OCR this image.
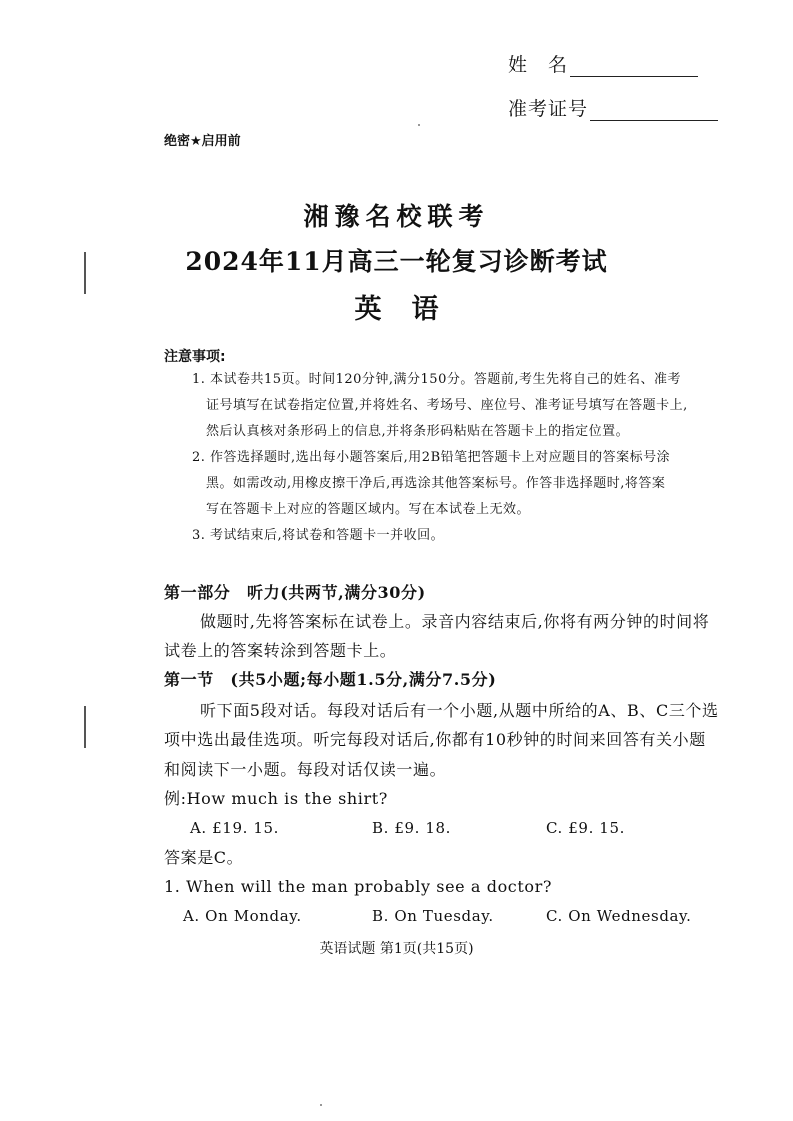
姓　名
准考证号
绝密★启用前
湘豫名校联考
2024年11月高三一轮复习诊断考试
英语
注意事项:
1. 本试卷共15页。时间120分钟,满分150分。答题前,考生先将自己的姓名、准考
证号填写在试卷指定位置,并将姓名、考场号、座位号、准考证号填写在答题卡上,
然后认真核对条形码上的信息,并将条形码粘贴在答题卡上的指定位置。
2. 作答选择题时,选出每小题答案后,用2B铅笔把答题卡上对应题目的答案标号涂
黑。如需改动,用橡皮擦干净后,再选涂其他答案标号。作答非选择题时,将答案
写在答题卡上对应的答题区域内。写在本试卷上无效。
3. 考试结束后,将试卷和答题卡一并收回。
第一部分　听力(共两节,满分30分)
做题时,先将答案标在试卷上。录音内容结束后,你将有两分钟的时间将
试卷上的答案转涂到答题卡上。
第一节　(共5小题;每小题1.5分,满分7.5分)
听下面5段对话。每段对话后有一个小题,从题中所给的A、B、C三个选
项中选出最佳选项。听完每段对话后,你都有10秒钟的时间来回答有关小题
和阅读下一小题。每段对话仅读一遍。
例:How much is the shirt?
A. £19. 15.	B. £9. 18.	C. £9. 15.
答案是C。
1. When will the man probably see a doctor?
A. On Monday.	B. On Tuesday.	C. On Wednesday.
英语试题 第1页(共15页)
